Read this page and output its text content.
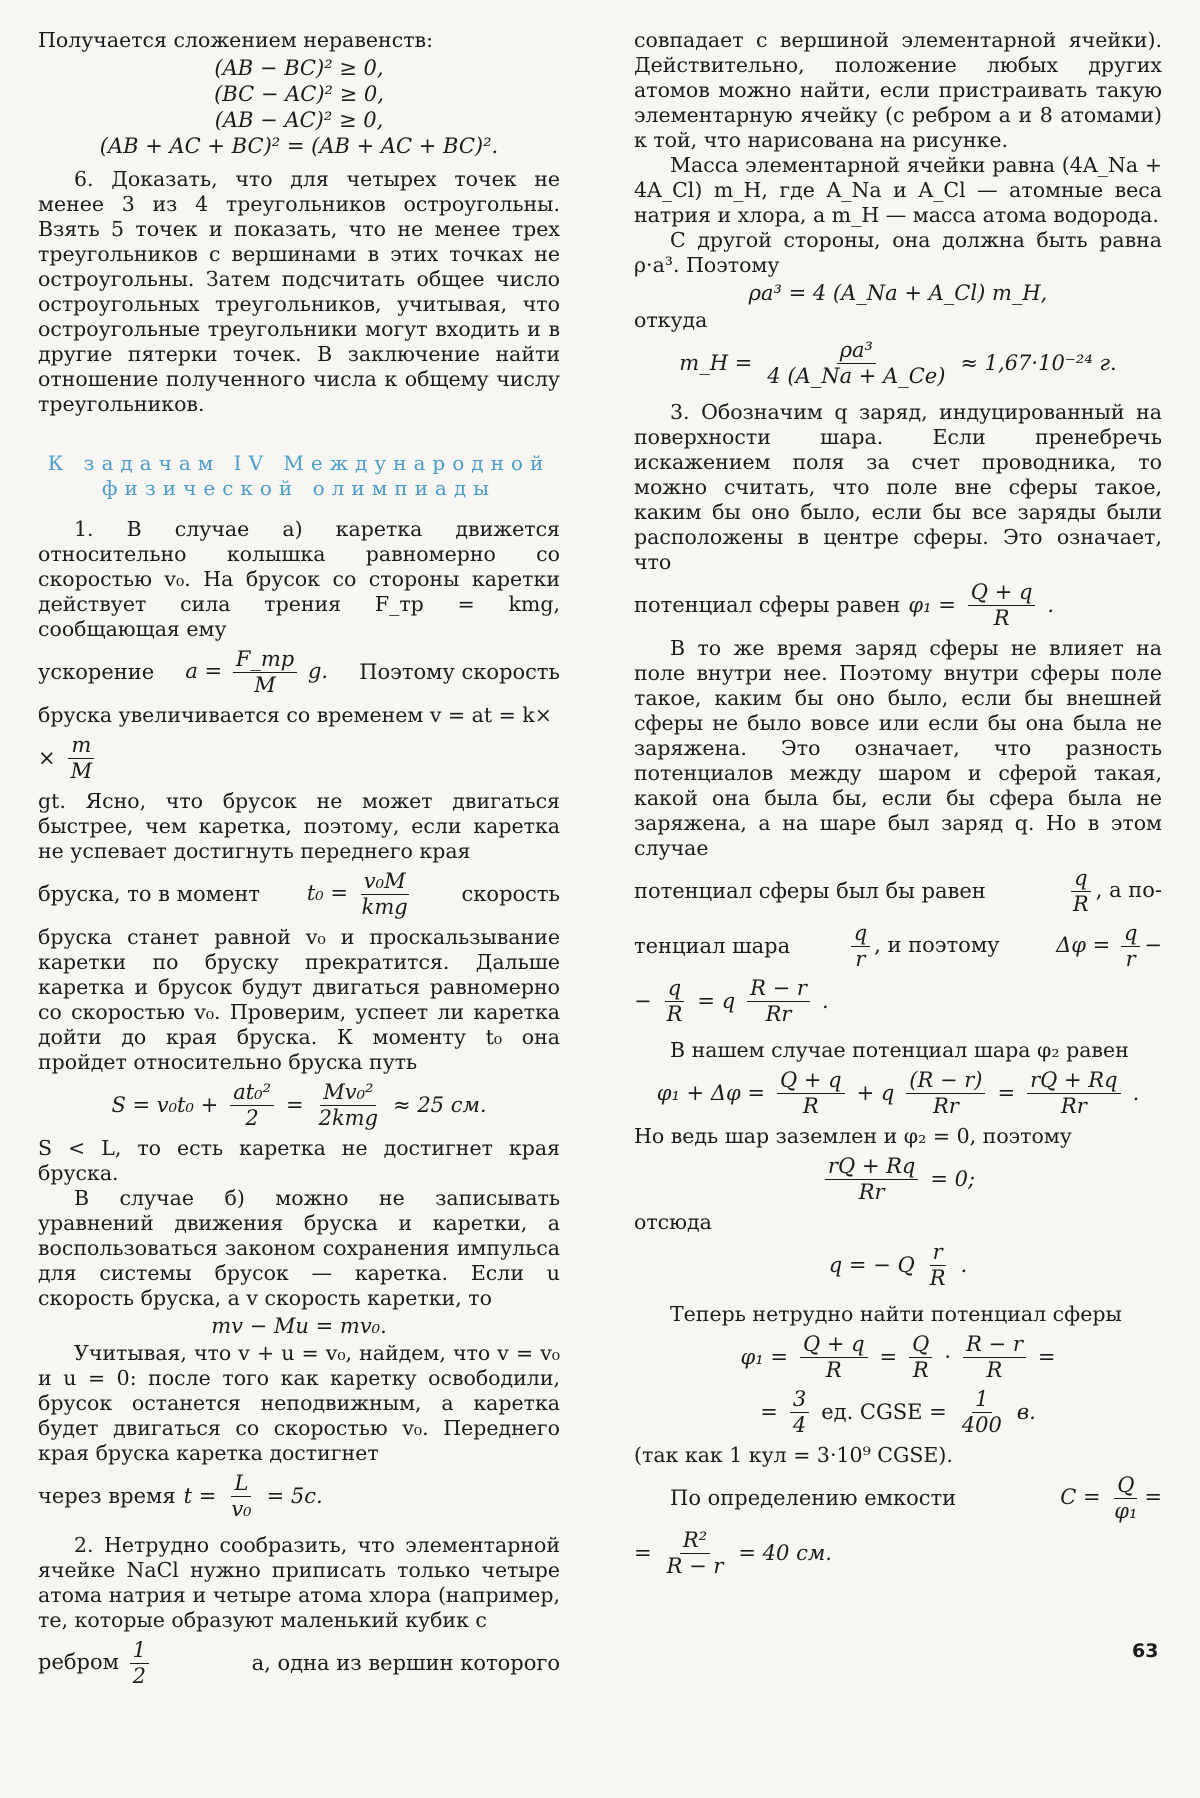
Получается сложением неравенств:

(AB − BC)² ≥ 0,
(BC − AC)² ≥ 0,
(AB − AC)² ≥ 0,
(AB + AC + BC)² = (AB + AC + BC)².

6. Доказать, что для четырех точек не менее 3 из 4 треугольников остроугольны. Взять 5 точек и показать, что не менее трех треугольников с вершинами в этих точках не остроугольны. Затем подсчитать общее число остроугольных треугольников, учитывая, что остроугольные треугольники могут входить и в другие пятерки точек. В заключение найти отношение полученного числа к общему числу треугольников.

К задачам IV Международной физической олимпиады

1. В случае а) каретка движется относительно колышка равномерно со скоростью v₀. На брусок со стороны каретки действует сила трения F_тр = kmg, сообщающая ему

ускорение $a = \frac{F\_тр}{M} g$. Поэтому скорость

бруска увеличивается со временем v = at = k×

× $\frac{m}{M}$

gt. Ясно, что брусок не может двигаться быстрее, чем каретка, поэтому, если каретка не успевает достигнуть переднего края

бруска, то в момент $t_0 = \frac{\text{v₀M}}{\text{kmg}}$ скорость

бруска станет равной v₀ и проскальзывание каретки по бруску прекратится. Дальше каретка и брусок будут двигаться равномерно со скоростью v₀. Проверим, успеет ли каретка дойти до края бруска. К моменту t₀ она пройдет относительно бруска путь

$S = v_0t_0 + \frac{\text{at₀²}}{2} = \frac{\text{Mv₀²}}{\text{2kmg}} \approx 25$ см.

S < L, то есть каретка не достигнет края бруска.

В случае б) можно не записывать уравнений движения бруска и каретки, а воспользоваться законом сохранения импульса для системы брусок — каретка. Если u скорость бруска, а v скорость каретки, то

mv − Mu = mv₀.

Учитывая, что v + u = v₀, найдем, что v = v₀ и u = 0: после того как каретку освободили, брусок останется неподвижным, а каретка будет двигаться со скоростью v₀. Переднего края бруска каретка достигнет

через время $t = \frac{L}{\text{v₀}} = 5с$.

2. Нетрудно сообразить, что элементарной ячейке NaCl нужно приписать только четыре атома натрия и четыре атома хлора (например, те, которые образуют маленький кубик с

ребром $\frac{1}{2}$	a, одна из вершин которого

совпадает с вершиной элементарной ячейки). Действительно, положение любых других атомов можно найти, если пристраивать такую элементарную ячейку (с ребром a и 8 атомами) к той, что нарисована на рисунке.

Масса элементарной ячейки равна (4A_Na + 4A_Cl) m_H, где A_Na и A_Cl — атомные веса натрия и хлора, а m_H — масса атома водорода.

С другой стороны, она должна быть равна ρ·a³. Поэтому

ρa³ = 4 (A_Na + A_Cl) m_H,

откуда

m_H = $\frac{\text{ρa³}}{4 (A\_Na + A\_Ce)} \approx 1,67\cdot 10^{-24}$ г.

3. Обозначим q заряд, индуцированный на поверхности шара. Если пренебречь искажением поля за счет проводника, то можно считать, что поле вне сферы такое, каким бы оно было, если бы все заряды были расположены в центре сферы. Это означает, что

потенциал сферы равен $\varphi_1 = \frac{Q + q}{R}$ .

В то же время заряд сферы не влияет на поле внутри нее. Поэтому внутри сферы поле такое, каким бы оно было, если бы внешней сферы не было вовсе или если бы она была не заряжена. Это означает, что разность потенциалов между шаром и сферой такая, какой она была бы, если бы сфера была не заряжена, а на шаре был заряд q. Но в этом случае

потенциал сферы был бы равен	$\frac{q}{R}$ , а по-
тенциал шара	$\frac{q}{r}$ , и поэтому	$\Delta\varphi = \frac{q}{r}$ −
− $\frac{q}{R} = q \frac{R - r}{Rr}$ .

В нашем случае потенциал шара φ₂ равен

$\varphi_1 + \Delta\varphi = \frac{Q + q}{R} + q \frac{(R - r)}{Rr} = \frac{rQ + Rq}{Rr}$ .

Но ведь шар заземлен и φ₂ = 0, поэтому

$\frac{rQ + Rq}{Rr} = 0$;

отсюда

q = − Q $\frac{r}{R}$ .

Теперь нетрудно найти потенциал сферы

$\varphi_1 = \frac{Q + q}{R} = \frac{Q}{R} \cdot \frac{R - r}{R}$ =
= $\frac{3}{4}$ ед. CGSE = $\frac{1}{400} в$.

(так как 1 кул = 3·10⁹ CGSE).

По определению емкости	$C = \frac{Q}{\text{φ₁}}$ =
= $\frac{\text{R²}}{R - r} = 40$ см.
63
